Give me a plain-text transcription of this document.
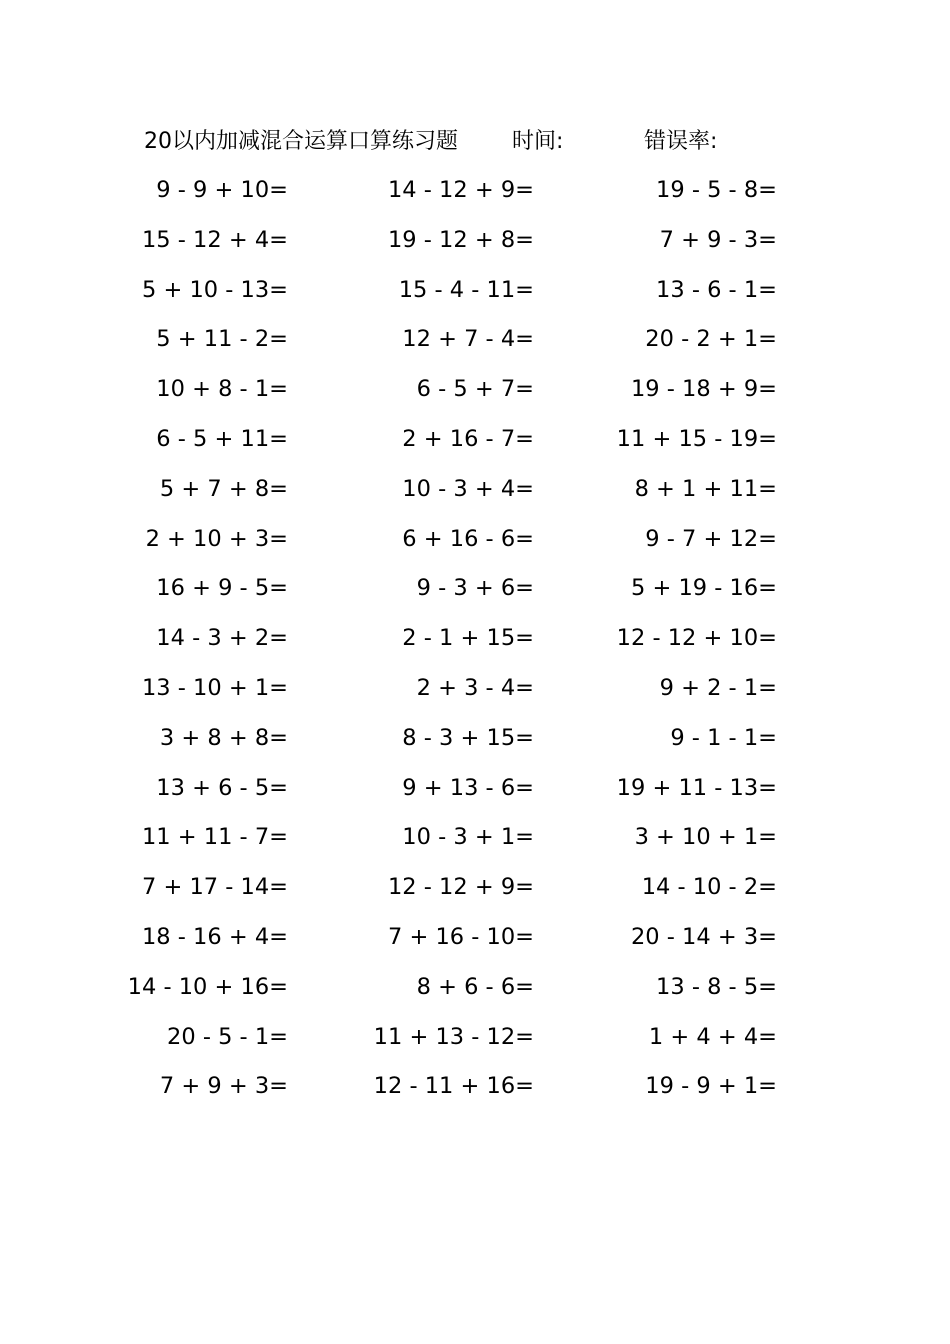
20以内加减混合运算口算练习题 时间:	错误率:
9 - 9 + 10=	14 - 12 + 9=	19 - 5 - 8=
15 - 12 + 4=	19 - 12 + 8=	7 + 9 - 3=
5 + 10 - 13=	15 - 4 - 11=	13 - 6 - 1=
5 + 11 - 2=	12 + 7 - 4=	20 - 2 + 1=
10 + 8 - 1=	6 - 5 + 7=	19 - 18 + 9=
6 - 5 + 11=	2 + 16 - 7=	11 + 15 - 19=
5 + 7 + 8=	10 - 3 + 4=	8 + 1 + 11=
2 + 10 + 3=	6 + 16 - 6=	9 - 7 + 12=
16 + 9 - 5=	9 - 3 + 6=	5 + 19 - 16=
14 - 3 + 2=	2 - 1 + 15=	12 - 12 + 10=
13 - 10 + 1=	2 + 3 - 4=	9 + 2 - 1=
3 + 8 + 8=	8 - 3 + 15=	9 - 1 - 1=
13 + 6 - 5=	9 + 13 - 6=	19 + 11 - 13=
11 + 11 - 7=	10 - 3 + 1=	3 + 10 + 1=
7 + 17 - 14=	12 - 12 + 9=	14 - 10 - 2=
18 - 16 + 4=	7 + 16 - 10=	20 - 14 + 3=
14 - 10 + 16=	8 + 6 - 6=	13 - 8 - 5=
20 - 5 - 1=	11 + 13 - 12=	1 + 4 + 4=
7 + 9 + 3=	12 - 11 + 16=	19 - 9 + 1=
